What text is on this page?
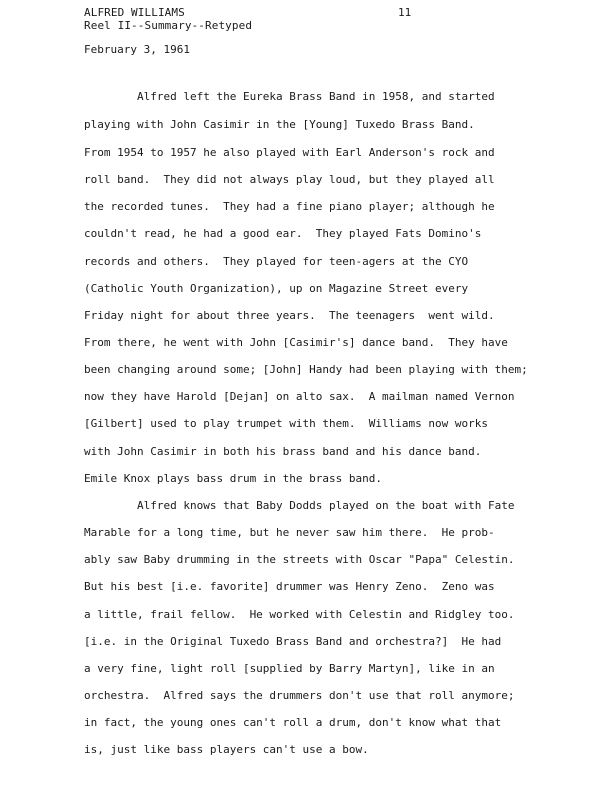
ALFRED WILLIAMS	11
Reel II--Summary--Retyped
February 3, 1961
Alfred left the Eureka Brass Band in 1958, and started
playing with John Casimir in the [Young] Tuxedo Brass Band.
From 1954 to 1957 he also played with Earl Anderson's rock and
roll band.  They did not always play loud, but they played all
the recorded tunes.  They had a fine piano player; although he
couldn't read, he had a good ear.  They played Fats Domino's
records and others.  They played for teen-agers at the CYO
(Catholic Youth Organization), up on Magazine Street every
Friday night for about three years.  The teenagers  went wild.
From there, he went with John [Casimir's] dance band.  They have
been changing around some; [John] Handy had been playing with them;
now they have Harold [Dejan] on alto sax.  A mailman named Vernon
[Gilbert] used to play trumpet with them.  Williams now works
with John Casimir in both his brass band and his dance band.
Emile Knox plays bass drum in the brass band.
Alfred knows that Baby Dodds played on the boat with Fate
Marable for a long time, but he never saw him there.  He prob-
ably saw Baby drumming in the streets with Oscar "Papa" Celestin.
But his best [i.e. favorite] drummer was Henry Zeno.  Zeno was
a little, frail fellow.  He worked with Celestin and Ridgley too.
[i.e. in the Original Tuxedo Brass Band and orchestra?]  He had
a very fine, light roll [supplied by Barry Martyn], like in an
orchestra.  Alfred says the drummers don't use that roll anymore;
in fact, the young ones can't roll a drum, don't know what that
is, just like bass players can't use a bow.
